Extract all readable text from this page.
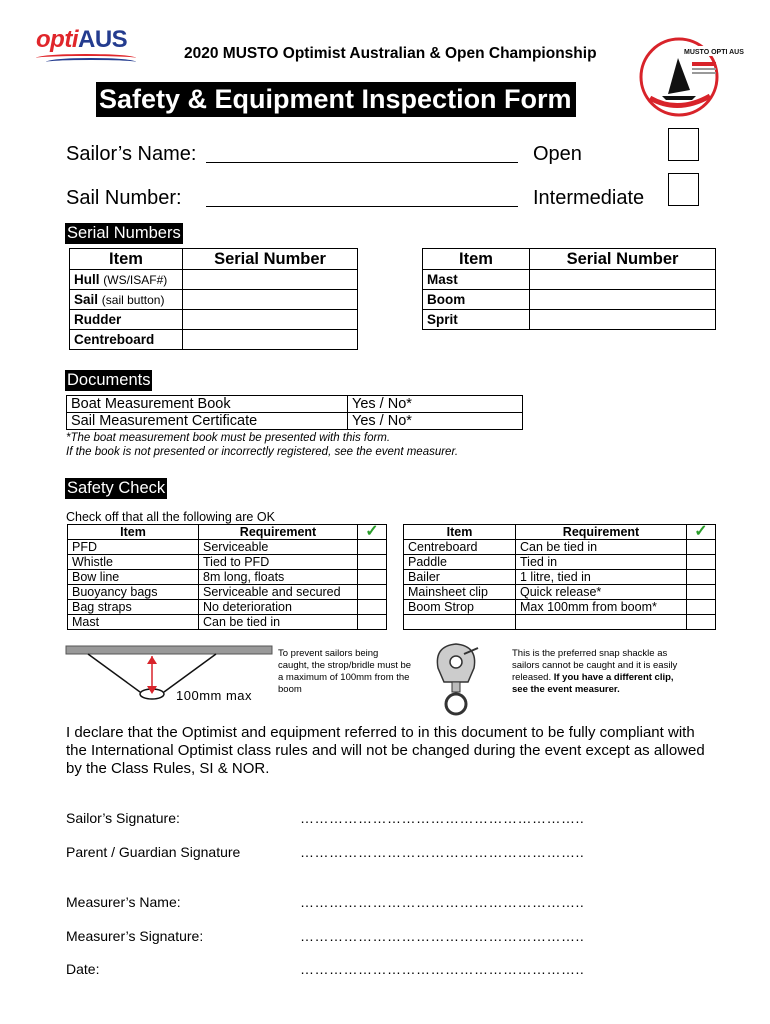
optiAUS
2020 MUSTO Optimist Australian & Open Championship	MUSTO OPTI AUS
Safety & Equipment Inspection Form
Sailor’s Name:	Open
Sail Number:	Intermediate
Serial Numbers
Item	Serial Number
Hull (WS/ISAF#)	
Sail (sail button)	
Rudder	
Centreboard	
Item	Serial Number
Mast	
Boom	
Sprit	
Documents
Boat Measurement Book	Yes / No*
Sail Measurement Certificate	Yes / No*
*The boat measurement book must be presented with this form.
If the book is not presented or incorrectly registered, see the event measurer.
Safety Check
Check off that all the following are OK
Item	Requirement	✓
PFD	Serviceable	
Whistle	Tied to PFD	
Bow line	8m long, floats	
Buoyancy bags	Serviceable and secured	
Bag straps	No deterioration	
Mast	Can be tied in	
Item	Requirement	✓
Centreboard	Can be tied in	
Paddle	Tied in	
Bailer	1 litre, tied in	
Mainsheet clip	Quick release*	
Boom Strop	Max 100mm from boom*	

100mm max
To prevent sailors being caught, the strop/bridle must be a maximum of 100mm from the boom
This is the preferred snap shackle as sailors cannot be caught and it is easily released. If you have a different clip, see the event measurer.
I declare that the Optimist and equipment referred to in this document to be fully compliant with the International Optimist class rules and will not be changed during the event except as allowed by the Class Rules, SI & NOR.
Sailor’s Signature:	…………………………………………………..
Parent / Guardian Signature	…………………………………………………..
Measurer’s Name:	…………………………………………………..
Measurer’s Signature:	…………………………………………………..
Date:	…………………………………………………..
